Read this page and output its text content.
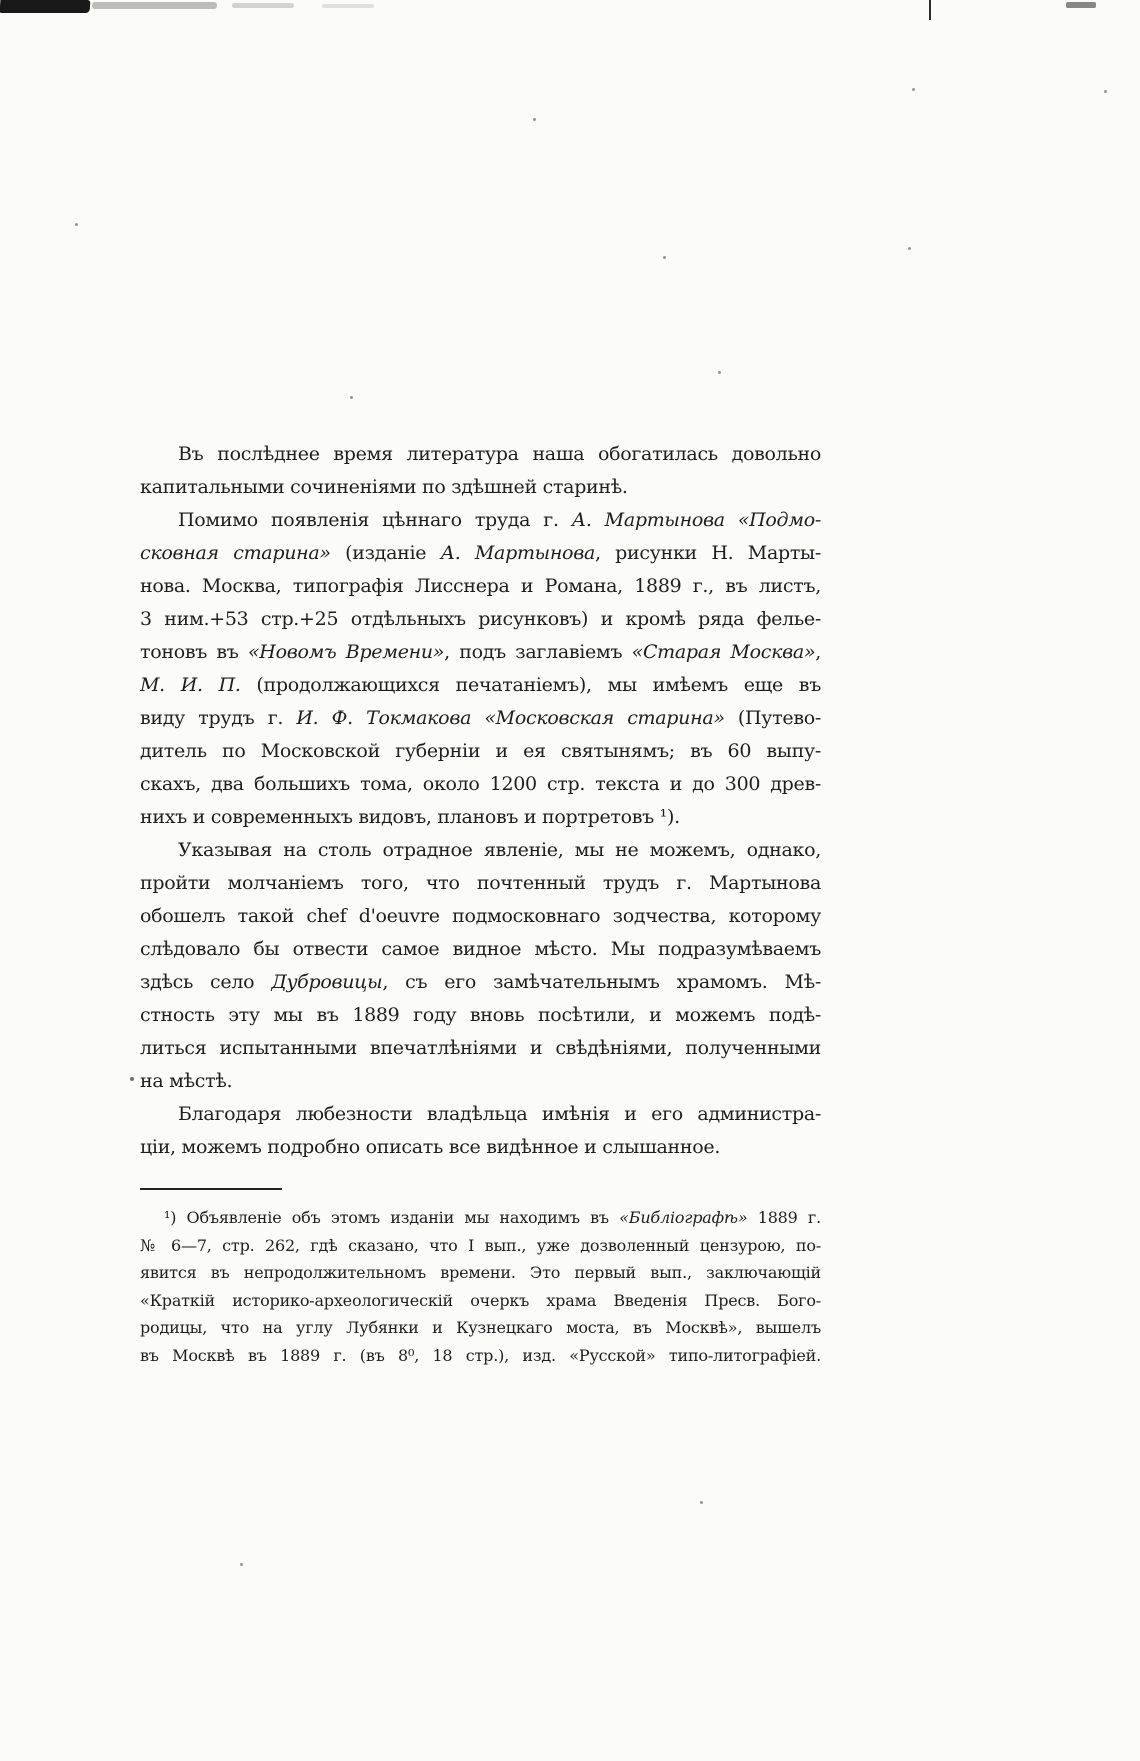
Въ послѣднее время литература наша обогатилась довольно
капитальными сочиненіями по здѣшней старинѣ.
Помимо появленія цѣннаго труда г. А. Мартынова «Подмо-
сковная старина» (изданіе А. Мартынова, рисунки Н. Марты-
нова. Москва, типографія Лисснера и Романа, 1889 г., въ листъ,
3 ним.+53 стр.+25 отдѣльныхъ рисунковъ) и кромѣ ряда фелье-
тоновъ въ «Новомъ Времени», подъ заглавіемъ «Старая Москва»,
М. И. П. (продолжающихся печатаніемъ), мы имѣемъ еще въ
виду трудъ г. И. Ф. Токмакова «Московская старина» (Путево-
дитель по Московской губерніи и ея святынямъ; въ 60 выпу-
скахъ, два большихъ тома, около 1200 стр. текста и до 300 древ-
нихъ и современныхъ видовъ, плановъ и портретовъ ¹).
Указывая на столь отрадное явленіе, мы не можемъ, однако,
пройти молчаніемъ того, что почтенный трудъ г. Мартынова
обошелъ такой chef d'oeuvre подмосковнаго зодчества, которому
слѣдовало бы отвести самое видное мѣсто. Мы подразумѣваемъ
здѣсь село Дубровицы, съ его замѣчательнымъ храмомъ. Мѣ-
стность эту мы въ 1889 году вновь посѣтили, и можемъ подѣ-
литься испытанными впечатлѣніями и свѣдѣніями, полученными
на мѣстѣ.
Благодаря любезности владѣльца имѣнія и его администра-
ціи, можемъ подробно описать все видѣнное и слышанное.
¹) Объявленіе объ этомъ изданіи мы находимъ въ «Библіографѣ» 1889 г.
№ 6—7, стр. 262, гдѣ сказано, что I вып., уже дозволенный цензурою, по-
явится въ непродолжительномъ времени. Это первый вып., заключающій
«Краткій историко-археологическій очеркъ храма Введенія Пресв. Бого-
родицы, что на углу Лубянки и Кузнецкаго моста, въ Москвѣ», вышелъ
въ Москвѣ въ 1889 г. (въ 8⁰, 18 стр.), изд. «Русской» типо-литографіей.
